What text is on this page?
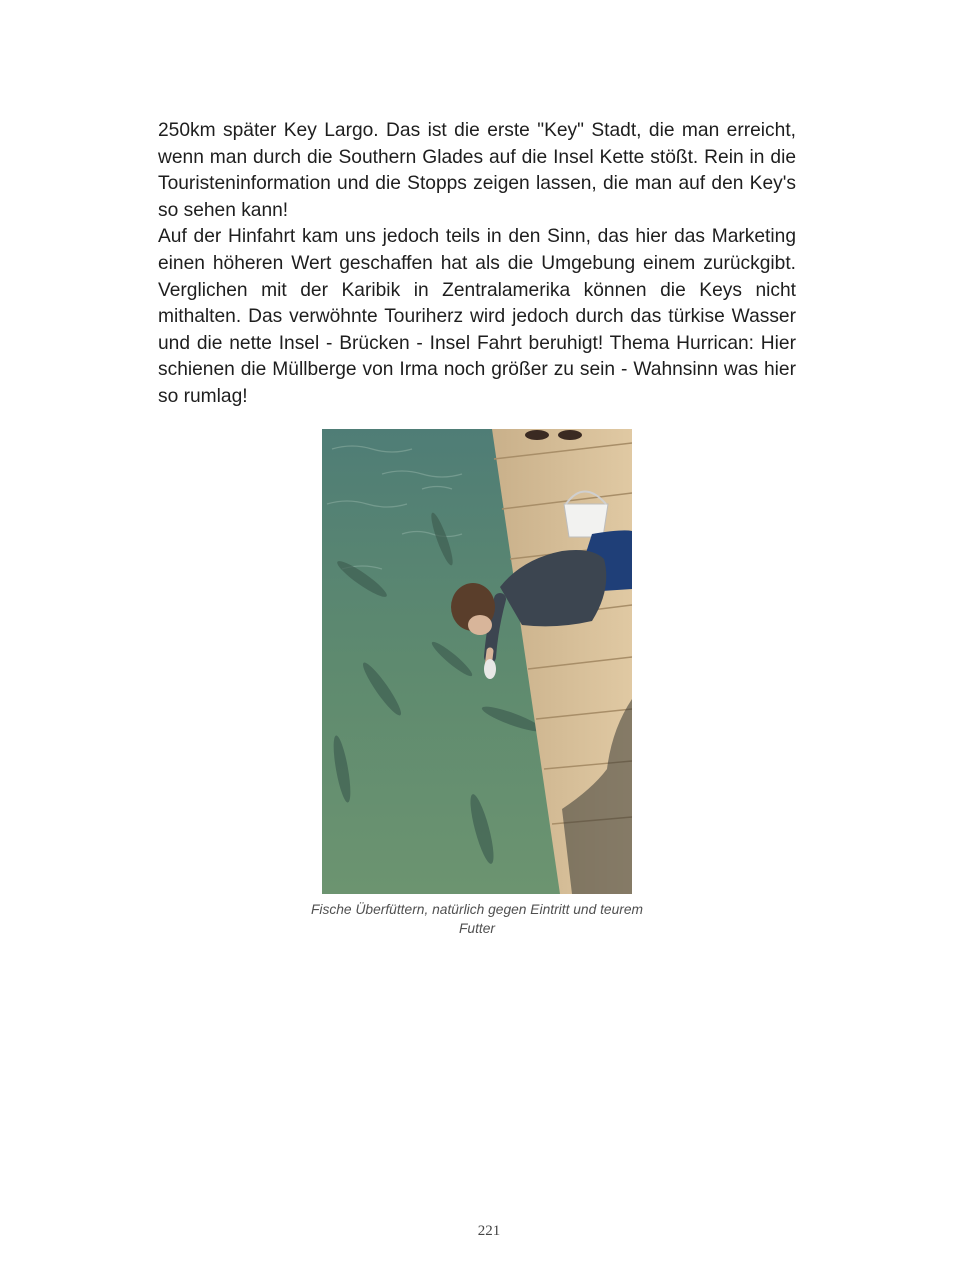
250km später Key Largo. Das ist die erste "Key" Stadt, die man erreicht, wenn man durch die Southern Glades auf die Insel Kette stößt. Rein in die Touristeninformation und die Stopps zeigen lassen, die man auf den Key's so sehen kann!

Auf der Hinfahrt kam uns jedoch teils in den Sinn, das hier das Marketing einen höheren Wert geschaffen hat als die Umgebung einem zurückgibt. Verglichen mit der Karibik in Zentralamerika können die Keys nicht mithalten. Das verwöhnte Touriherz wird jedoch durch das türkise Wasser und die nette Insel - Brücken - Insel Fahrt beruhigt! Thema Hurrican: Hier schienen die Müllberge von Irma noch größer zu sein - Wahnsinn was hier so rumlag!

Fische Überfüttern, natürlich gegen Eintritt und teurem Futter
221
